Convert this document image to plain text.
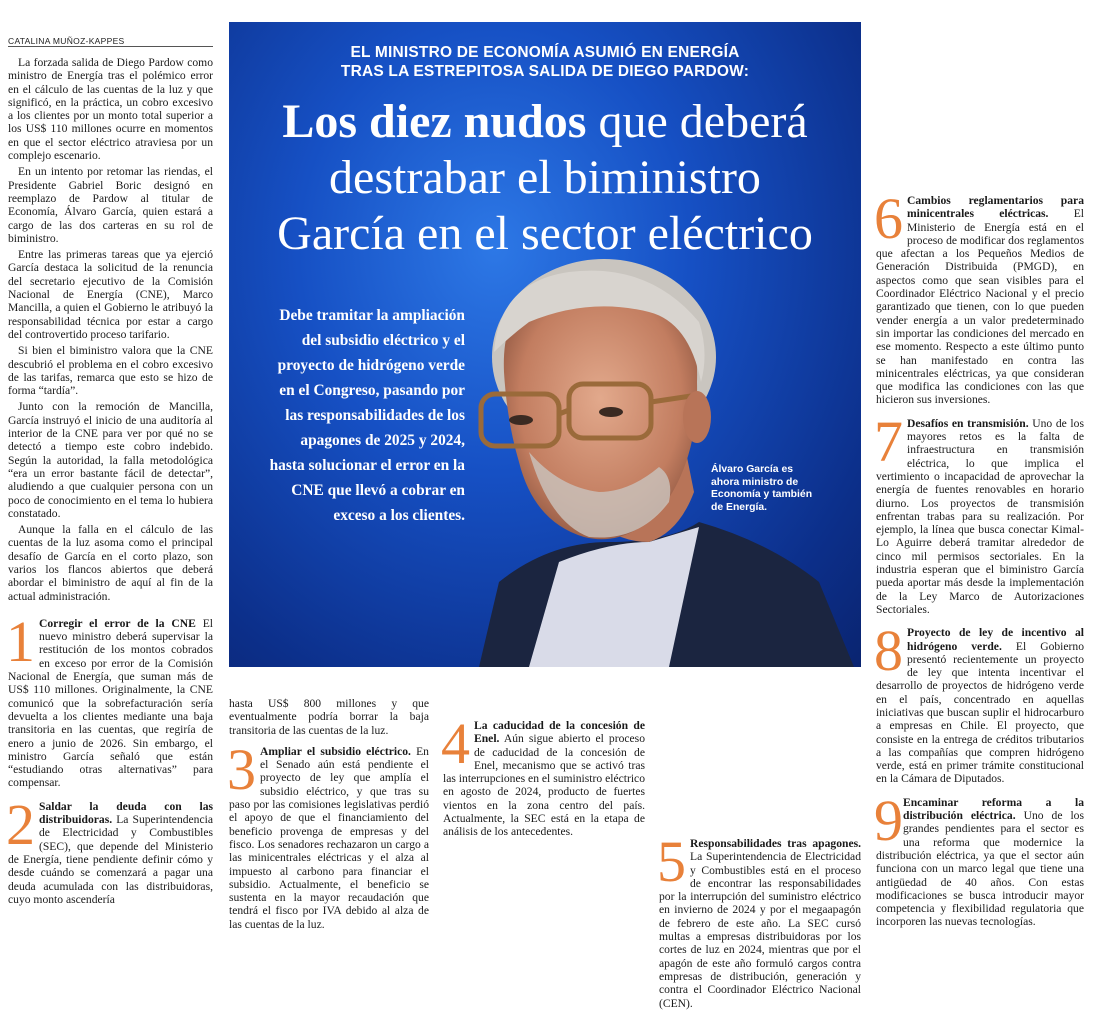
CATALINA MUÑOZ-KAPPES

La forzada salida de Diego Pardow como ministro de Energía tras el polémico error en el cálculo de las cuentas de la luz y que significó, en la práctica, un cobro excesivo a los clientes por un monto total superior a los US$ 110 millones ocurre en momentos en que el sector eléctrico atraviesa por un complejo escenario.

En un intento por retomar las riendas, el Presidente Gabriel Boric designó en reemplazo de Pardow al titular de Economía, Álvaro García, quien estará a cargo de las dos carteras en su rol de biministro.

Entre las primeras tareas que ya ejerció García destaca la solicitud de la renuncia del secretario ejecutivo de la Comisión Nacional de Energía (CNE), Marco Mancilla, a quien el Gobierno le atribuyó la responsabilidad técnica por estar a cargo del controvertido proceso tarifario.

Si bien el biministro valora que la CNE descubrió el problema en el cobro excesivo de las tarifas, remarca que esto se hizo de forma “tardía”.

Junto con la remoción de Mancilla, García instruyó el inicio de una auditoría al interior de la CNE para ver por qué no se detectó a tiempo este cobro indebido. Según la autoridad, la falla metodológica “era un error bastante fácil de detectar”, aludiendo a que cualquier persona con un poco de conocimiento en el tema lo hubiera constatado.

Aunque la falla en el cálculo de las cuentas de la luz asoma como el principal desafío de García en el corto plazo, son varios los flancos abiertos que deberá abordar el biministro de aquí al fin de la actual administración.

1 Corregir el error de la CNE El nuevo ministro deberá supervisar la restitución de los montos cobrados en exceso por error de la Comisión Nacional de Energía, que suman más de US$ 110 millones. Originalmente, la CNE comunicó que la sobrefacturación sería devuelta a los clientes mediante una baja transitoria en las cuentas, que regiría de enero a junio de 2026. Sin embargo, el ministro García señaló que están “estudiando otras alternativas” para compensar.

2 Saldar la deuda con las distribuidoras. La Superintendencia de Electricidad y Combustibles (SEC), que depende del Ministerio de Energía, tiene pendiente definir cómo y desde cuándo se comenzará a pagar una deuda acumulada con las distribuidoras, cuyo monto ascendería

EL MINISTRO DE ECONOMÍA ASUMIÓ EN ENERGÍA
TRAS LA ESTREPITOSA SALIDA DE DIEGO PARDOW:
Los diez nudos que deberá
destrabar el biministro
García en el sector eléctrico
Debe tramitar la ampliación del subsidio eléctrico y el proyecto de hidrógeno verde en el Congreso, pasando por las responsabilidades de los apagones de 2025 y 2024, hasta solucionar el error en la CNE que llevó a cobrar en exceso a los clientes.
Álvaro García es ahora ministro de Economía y también de Energía.

hasta US$ 800 millones y que eventualmente podría borrar la baja transitoria de las cuentas de la luz.

3 Ampliar el subsidio eléctrico. En el Senado aún está pendiente el proyecto de ley que amplía el subsidio eléctrico, y que tras su paso por las comisiones legislativas perdió el apoyo de que el financiamiento del beneficio provenga de empresas y del fisco. Los senadores rechazaron un cargo a las minicentrales eléctricas y el alza al impuesto al carbono para financiar el subsidio. Actualmente, el beneficio se sustenta en la mayor recaudación que tendrá el fisco por IVA debido al alza de las cuentas de la luz.

4 La caducidad de la concesión de Enel. Aún sigue abierto el proceso de caducidad de la concesión de Enel, mecanismo que se activó tras las interrupciones en el suministro eléctrico en agosto de 2024, producto de fuertes vientos en la zona centro del país. Actualmente, la SEC está en la etapa de análisis de los antecedentes.	5 Responsabilidades tras apagones. La Superintendencia de Electricidad y Combustibles está en el proceso de encontrar las responsabilidades por la interrupción del suministro eléctrico en invierno de 2024 y por el megaapagón de febrero de este año. La SEC cursó multas a empresas distribuidoras por los cortes de luz en 2024, mientras que por el apagón de este año formuló cargos contra empresas de distribución, generación y contra el Coordinador Eléctrico Nacional (CEN).

6 Cambios reglamentarios para minicentrales eléctricas. El Ministerio de Energía está en el proceso de modificar dos reglamentos que afectan a los Pequeños Medios de Generación Distribuida (PMGD), en aspectos como que sean visibles para el Coordinador Eléctrico Nacional y el precio garantizado que tienen, con lo que pueden vender energía a un valor predeterminado sin importar las condiciones del mercado en ese momento. Respecto a este último punto se han manifestado en contra las minicentrales eléctricas, ya que consideran que modifica las condiciones con las que hicieron sus inversiones.

7 Desafíos en transmisión. Uno de los mayores retos es la falta de infraestructura en transmisión eléctrica, lo que implica el vertimiento o incapacidad de aprovechar la energía de fuentes renovables en horario diurno. Los proyectos de transmisión enfrentan trabas para su realización. Por ejemplo, la línea que busca conectar Kimal-Lo Aguirre deberá tramitar alrededor de cinco mil permisos sectoriales. En la industria esperan que el biministro García pueda aportar más desde la implementación de la Ley Marco de Autorizaciones Sectoriales.

8 Proyecto de ley de incentivo al hidrógeno verde. El Gobierno presentó recientemente un proyecto de ley que intenta incentivar el desarrollo de proyectos de hidrógeno verde en el país, concentrado en aquellas iniciativas que buscan suplir el hidrocarburo a empresas en Chile. El proyecto, que consiste en la entrega de créditos tributarios a las compañías que compren hidrógeno verde, está en primer trámite constitucional en la Cámara de Diputados.

9 Encaminar reforma a la distribución eléctrica. Uno de los grandes pendientes para el sector es una reforma que modernice la distribución eléctrica, ya que el sector aún funciona con un marco legal que tiene una antigüedad de 40 años. Con estas modificaciones se busca introducir mayor competencia y flexibilidad regulatoria que incorporen las nuevas tecnologías.
